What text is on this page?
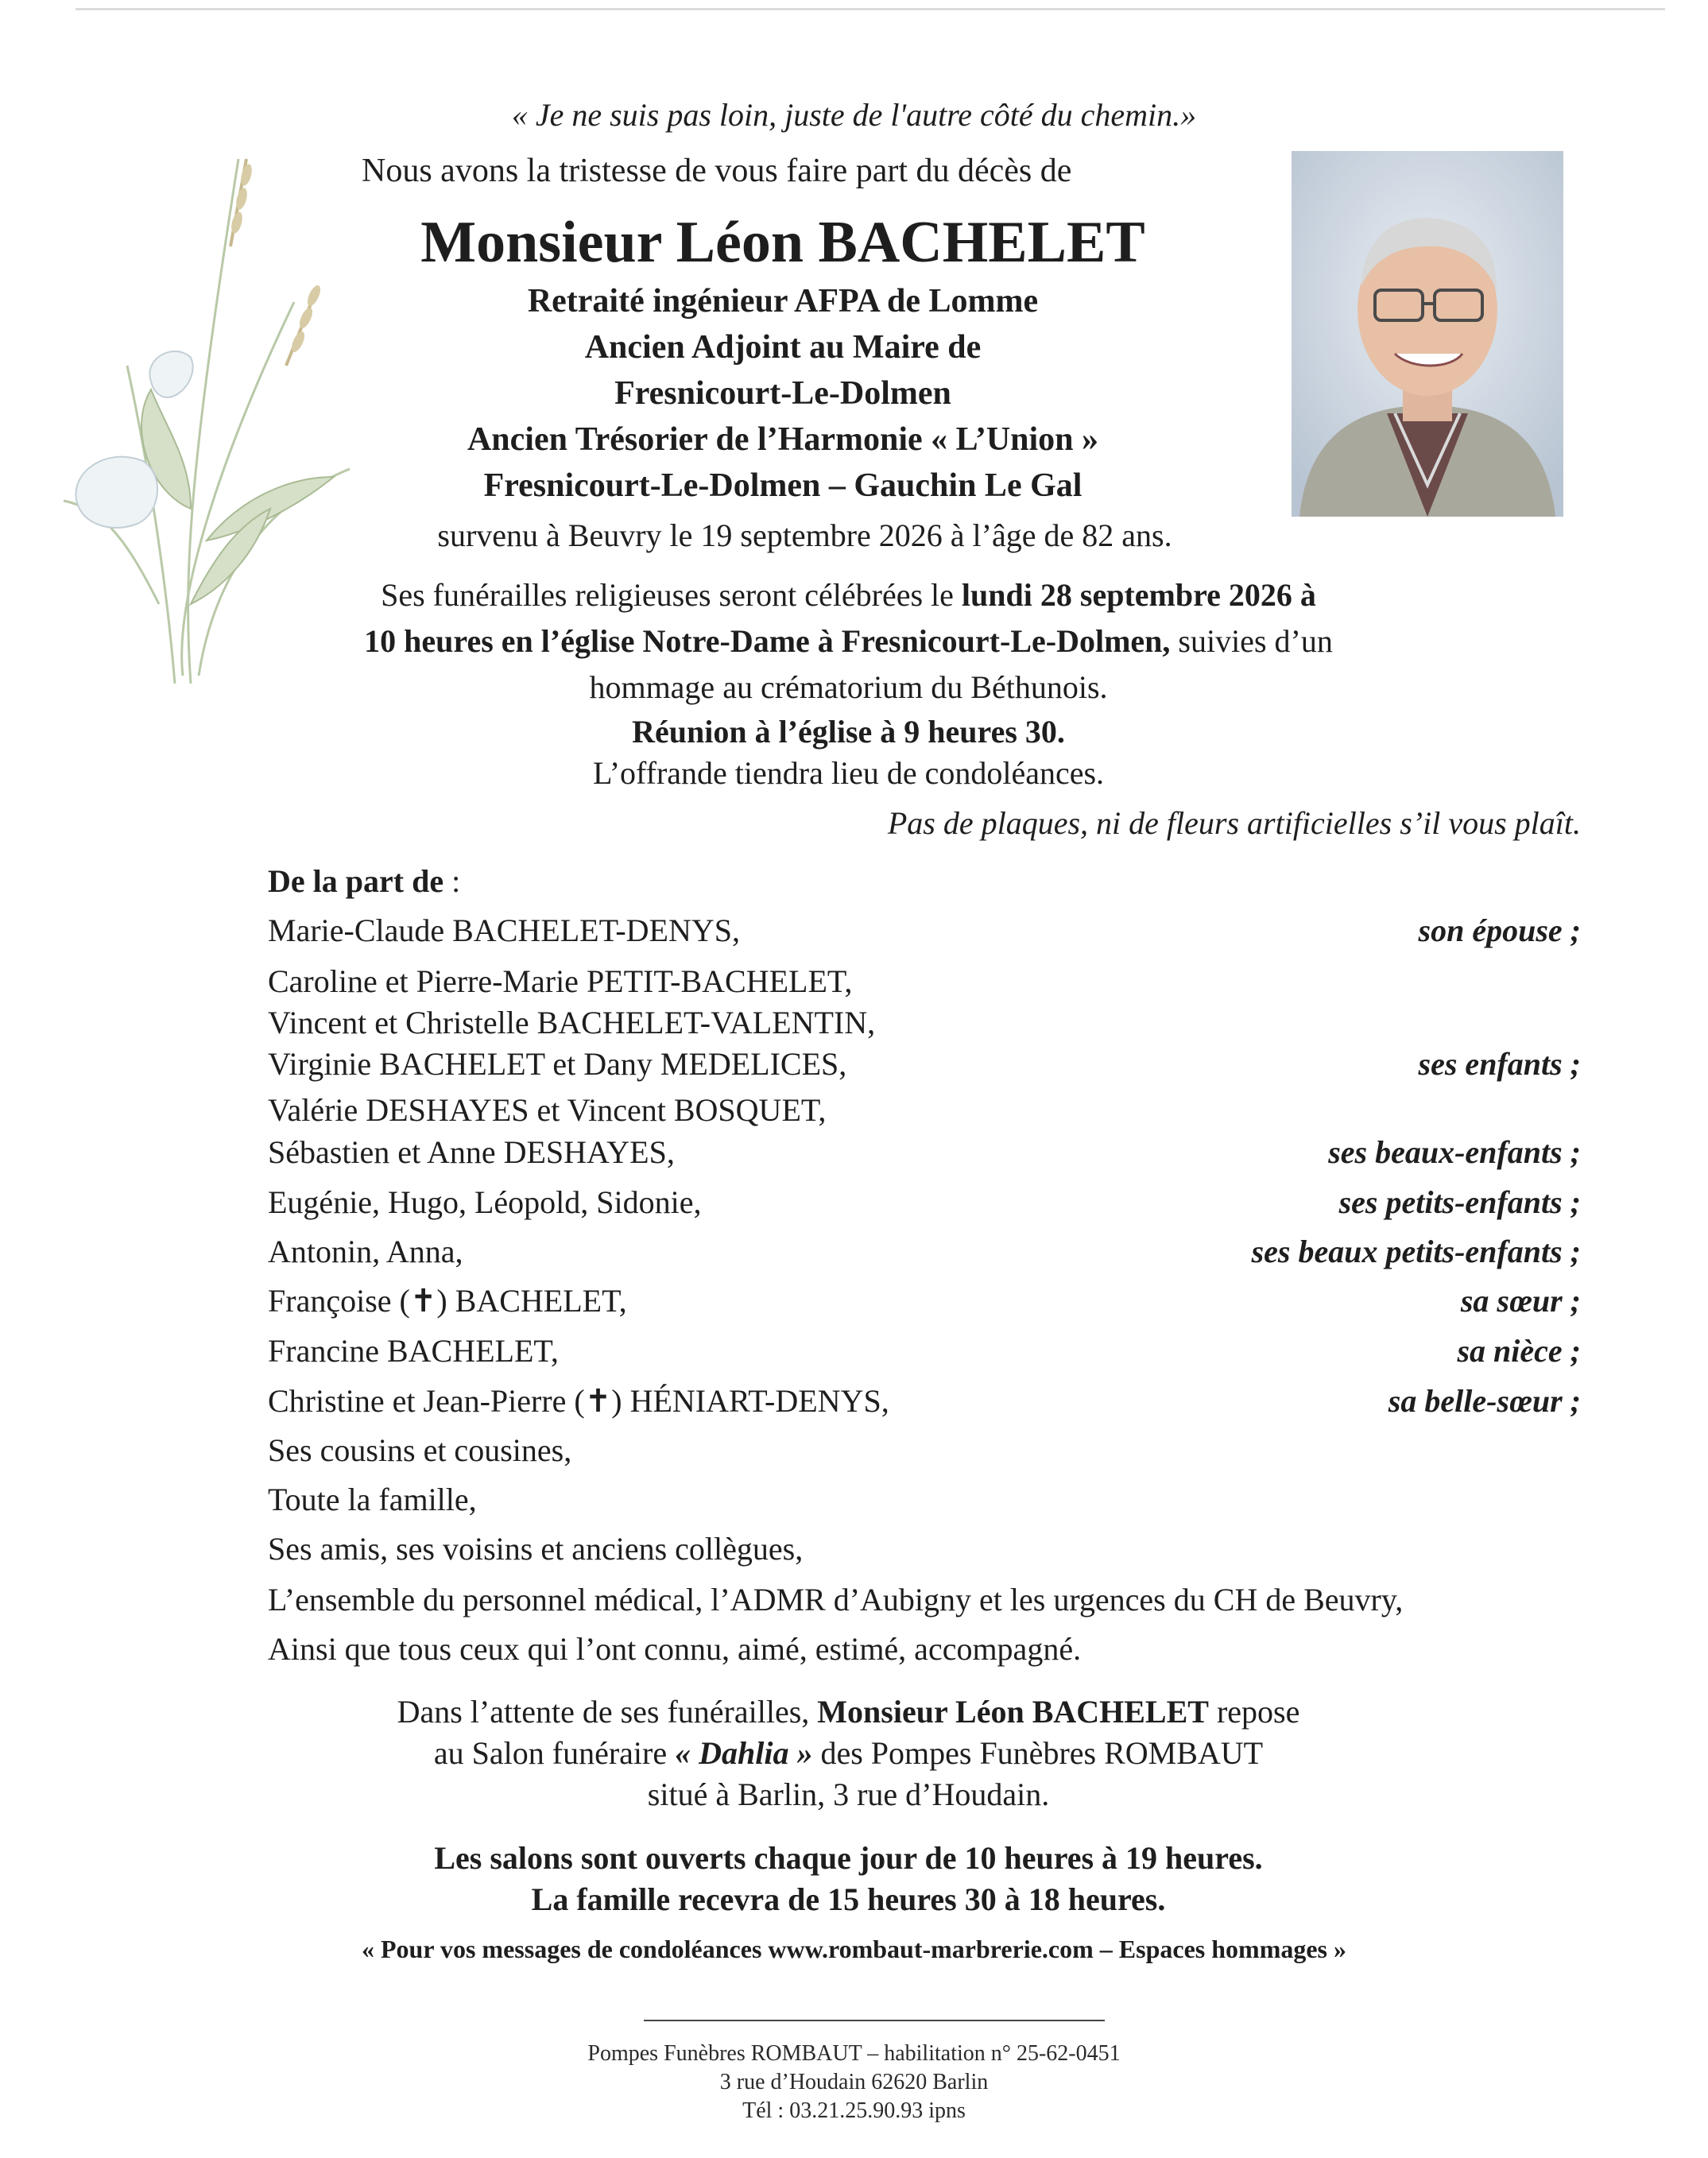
« Je ne suis pas loin, juste de l'autre côté du chemin.»
Nous avons la tristesse de vous faire part du décès de
Monsieur Léon BACHELET
Retraité ingénieur AFPA de Lomme
Ancien Adjoint au Maire de
Fresnicourt-Le-Dolmen
Ancien Trésorier de l’Harmonie « L’Union »
Fresnicourt-Le-Dolmen – Gauchin Le Gal
survenu à Beuvry le 19 septembre 2026 à l’âge de 82 ans.
Ses funérailles religieuses seront célébrées le lundi 28 septembre 2026 à
10 heures en l’église Notre-Dame à Fresnicourt-Le-Dolmen, suivies d’un
hommage au crématorium du Béthunois.
Réunion à l’église à 9 heures 30.
L’offrande tiendra lieu de condoléances.
Pas de plaques, ni de fleurs artificielles s’il vous plaît.
De la part de :
Marie-Claude BACHELET-DENYS,	son épouse ;
Caroline et Pierre-Marie PETIT-BACHELET,
Vincent et Christelle BACHELET-VALENTIN,
Virginie BACHELET et Dany MEDELICES,	ses enfants ;
Valérie DESHAYES et Vincent BOSQUET,
Sébastien et Anne DESHAYES,	ses beaux-enfants ;
Eugénie, Hugo, Léopold, Sidonie,	ses petits-enfants ;
Antonin, Anna,	ses beaux petits-enfants ;
Françoise (✝) BACHELET,	sa sœur ;
Francine BACHELET,	sa nièce ;
Christine et Jean-Pierre (✝) HÉNIART-DENYS,	sa belle-sœur ;
Ses cousins et cousines,
Toute la famille,
Ses amis, ses voisins et anciens collègues,
L’ensemble du personnel médical, l’ADMR d’Aubigny et les urgences du CH de Beuvry,
Ainsi que tous ceux qui l’ont connu, aimé, estimé, accompagné.
Dans l’attente de ses funérailles, Monsieur Léon BACHELET repose
au Salon funéraire « Dahlia » des Pompes Funèbres ROMBAUT
situé à Barlin, 3 rue d’Houdain.
Les salons sont ouverts chaque jour de 10 heures à 19 heures.
La famille recevra de 15 heures 30 à 18 heures.
« Pour vos messages de condoléances www.rombaut-marbrerie.com – Espaces hommages »
Pompes Funèbres ROMBAUT – habilitation n° 25-62-0451
3 rue d’Houdain 62620 Barlin
Tél : 03.21.25.90.93 ipns
